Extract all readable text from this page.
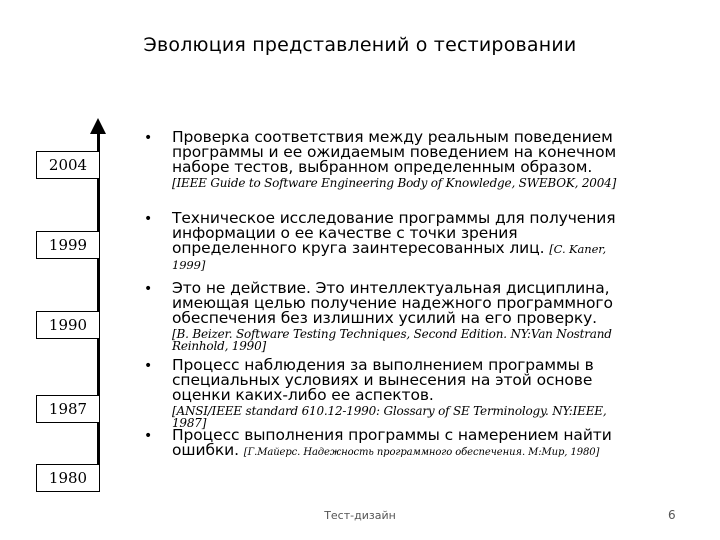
Эволюция представлений о тестировании
2004
1999
1990
1987
1980
• Проверка соответствия между реальным поведением программы и ее ожидаемым поведением на конечном наборе тестов, выбранном определенным образом.
[IEEE Guide to Software Engineering Body of Knowledge, SWEBOK, 2004]
• Техническое исследование программы для получения информации о ее качестве с точки зрения определенного круга заинтересованных лиц. [C. Kaner, 1999]
• Это не действие. Это интеллектуальная дисциплина, имеющая целью получение надежного программного обеспечения без излишних усилий на его проверку.
[B. Beizer. Software Testing Techniques, Second Edition. NY:Van Nostrand Reinhold, 1990]
• Процесс наблюдения за выполнением программы в специальных условиях и вынесения на этой основе оценки каких-либо ее аспектов.
[ANSI/IEEE standard 610.12-1990: Glossary of SE Terminology. NY:IEEE, 1987]
• Процесс выполнения программы с намерением найти ошибки. [Г.Майерс. Надежность программного обеспечения. М:Мир, 1980]
Тест-дизайн	6
